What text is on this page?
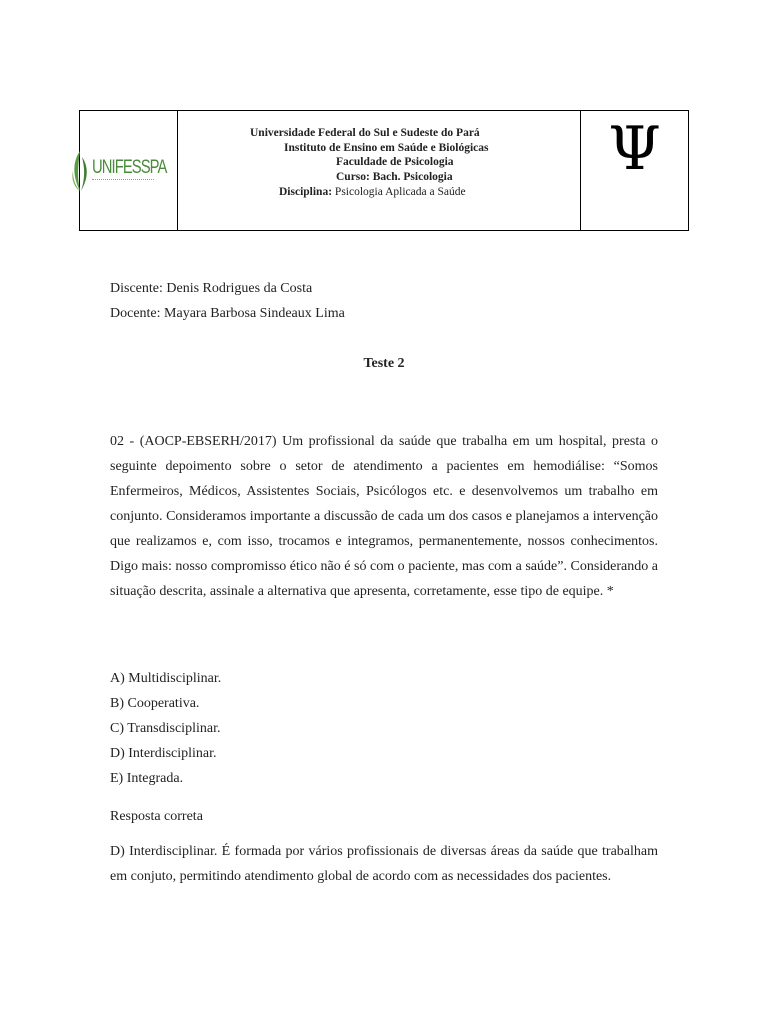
UNIFESSPA
Universidade Federal do Sul e Sudeste do Pará
Instituto de Ensino em Saúde e Biológicas
Faculdade de Psicologia
Curso: Bach. Psicologia
Disciplina: Psicologia Aplicada a Saúde
Ψ
Discente: Denis Rodrigues da Costa
Docente: Mayara Barbosa Sindeaux Lima
Teste 2
02 - (AOCP-EBSERH/2017) Um profissional da saúde que trabalha em um hospital, presta o seguinte depoimento sobre o setor de atendimento a pacientes em hemodiálise: “Somos Enfermeiros, Médicos, Assistentes Sociais, Psicólogos etc. e desenvolvemos um trabalho em conjunto. Consideramos importante a discussão de cada um dos casos e planejamos a intervenção que realizamos e, com isso, trocamos e integramos, permanentemente, nossos conhecimentos. Digo mais: nosso compromisso ético não é só com o paciente, mas com a saúde”. Considerando a situação descrita, assinale a alternativa que apresenta, corretamente, esse tipo de equipe. *
A) Multidisciplinar.
B) Cooperativa.
C) Transdisciplinar.
D) Interdisciplinar.
E) Integrada.
Resposta correta
D) Interdisciplinar. É formada por vários profissionais de diversas áreas da saúde que trabalham em conjuto, permitindo atendimento global de acordo com as necessidades dos pacientes.
